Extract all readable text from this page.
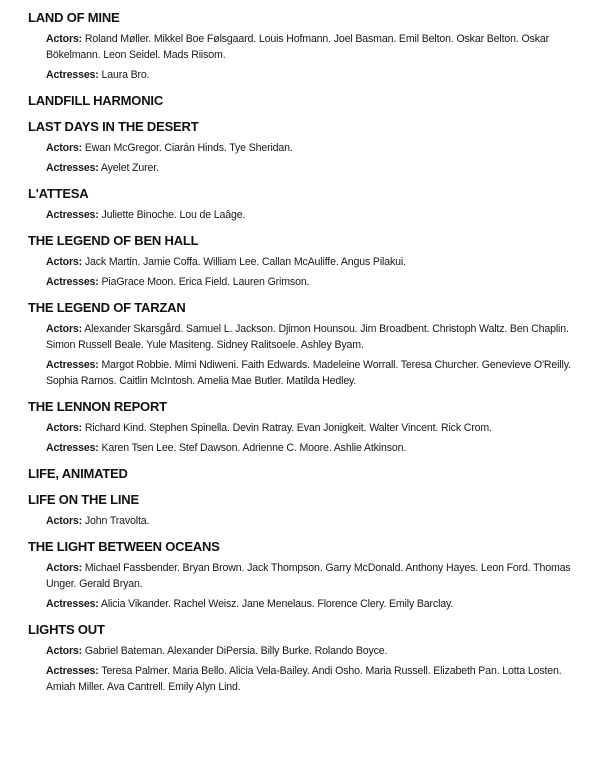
LAND OF MINE
Actors: Roland Møller. Mikkel Boe Følsgaard. Louis Hofmann. Joel Basman. Emil Belton. Oskar Belton. Oskar Bökelmann. Leon Seidel. Mads Riisom.
Actresses: Laura Bro.
LANDFILL HARMONIC
LAST DAYS IN THE DESERT
Actors: Ewan McGregor. Ciarán Hinds. Tye Sheridan.
Actresses: Ayelet Zurer.
L'ATTESA
Actresses: Juliette Binoche. Lou de Laâge.
THE LEGEND OF BEN HALL
Actors: Jack Martin. Jamie Coffa. William Lee. Callan McAuliffe. Angus Pilakui.
Actresses: PiaGrace Moon. Erica Field. Lauren Grimson.
THE LEGEND OF TARZAN
Actors: Alexander Skarsgård. Samuel L. Jackson. Djimon Hounsou. Jim Broadbent. Christoph Waltz. Ben Chaplin. Simon Russell Beale. Yule Masiteng. Sidney Ralitsoele. Ashley Byam.
Actresses: Margot Robbie. Mimi Ndiweni. Faith Edwards. Madeleine Worrall. Teresa Churcher. Genevieve O'Reilly. Sophia Ramos. Caitlin McIntosh. Amelia Mae Butler. Matilda Hedley.
THE LENNON REPORT
Actors: Richard Kind. Stephen Spinella. Devin Ratray. Evan Jonigkeit. Walter Vincent. Rick Crom.
Actresses: Karen Tsen Lee. Stef Dawson. Adrienne C. Moore. Ashlie Atkinson.
LIFE, ANIMATED
LIFE ON THE LINE
Actors: John Travolta.
THE LIGHT BETWEEN OCEANS
Actors: Michael Fassbender. Bryan Brown. Jack Thompson. Garry McDonald. Anthony Hayes. Leon Ford. Thomas Unger. Gerald Bryan.
Actresses: Alicia Vikander. Rachel Weisz. Jane Menelaus. Florence Clery. Emily Barclay.
LIGHTS OUT
Actors: Gabriel Bateman. Alexander DiPersia. Billy Burke. Rolando Boyce.
Actresses: Teresa Palmer. Maria Bello. Alicia Vela-Bailey. Andi Osho. Maria Russell. Elizabeth Pan. Lotta Losten. Amiah Miller. Ava Cantrell. Emily Alyn Lind.
